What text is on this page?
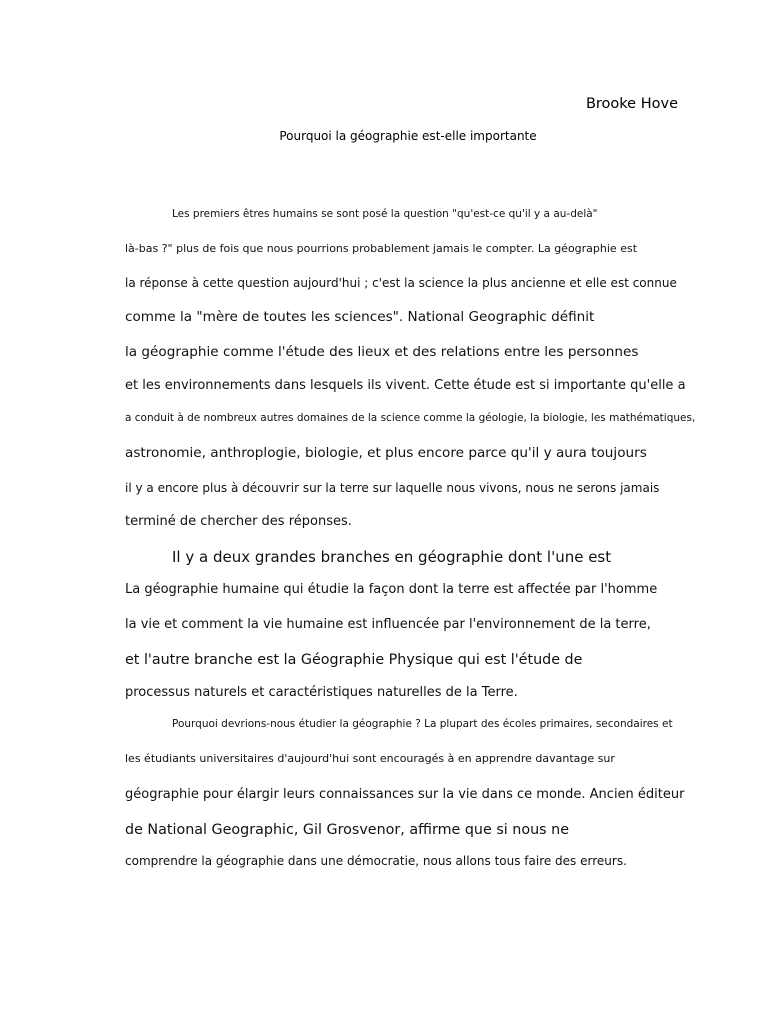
Brooke Hove
Pourquoi la géographie est-elle importante
Les premiers êtres humains se sont posé la question "qu'est-ce qu'il y a au-delà"
là-bas ?" plus de fois que nous pourrions probablement jamais le compter. La géographie est
la réponse à cette question aujourd'hui ; c'est la science la plus ancienne et elle est connue
comme la "mère de toutes les sciences". National Geographic définit
la géographie comme l'étude des lieux et des relations entre les personnes
et les environnements dans lesquels ils vivent. Cette étude est si importante qu'elle a
a conduit à de nombreux autres domaines de la science comme la géologie, la biologie, les mathématiques,
astronomie, anthroplogie, biologie, et plus encore parce qu'il y aura toujours
il y a encore plus à découvrir sur la terre sur laquelle nous vivons, nous ne serons jamais
terminé de chercher des réponses.
Il y a deux grandes branches en géographie dont l'une est
La géographie humaine qui étudie la façon dont la terre est affectée par l'homme
la vie et comment la vie humaine est influencée par l'environnement de la terre,
et l'autre branche est la Géographie Physique qui est l'étude de
processus naturels et caractéristiques naturelles de la Terre.
Pourquoi devrions-nous étudier la géographie ? La plupart des écoles primaires, secondaires et
les étudiants universitaires d'aujourd'hui sont encouragés à en apprendre davantage sur
géographie pour élargir leurs connaissances sur la vie dans ce monde. Ancien éditeur
de National Geographic, Gil Grosvenor, affirme que si nous ne
comprendre la géographie dans une démocratie, nous allons tous faire des erreurs.
